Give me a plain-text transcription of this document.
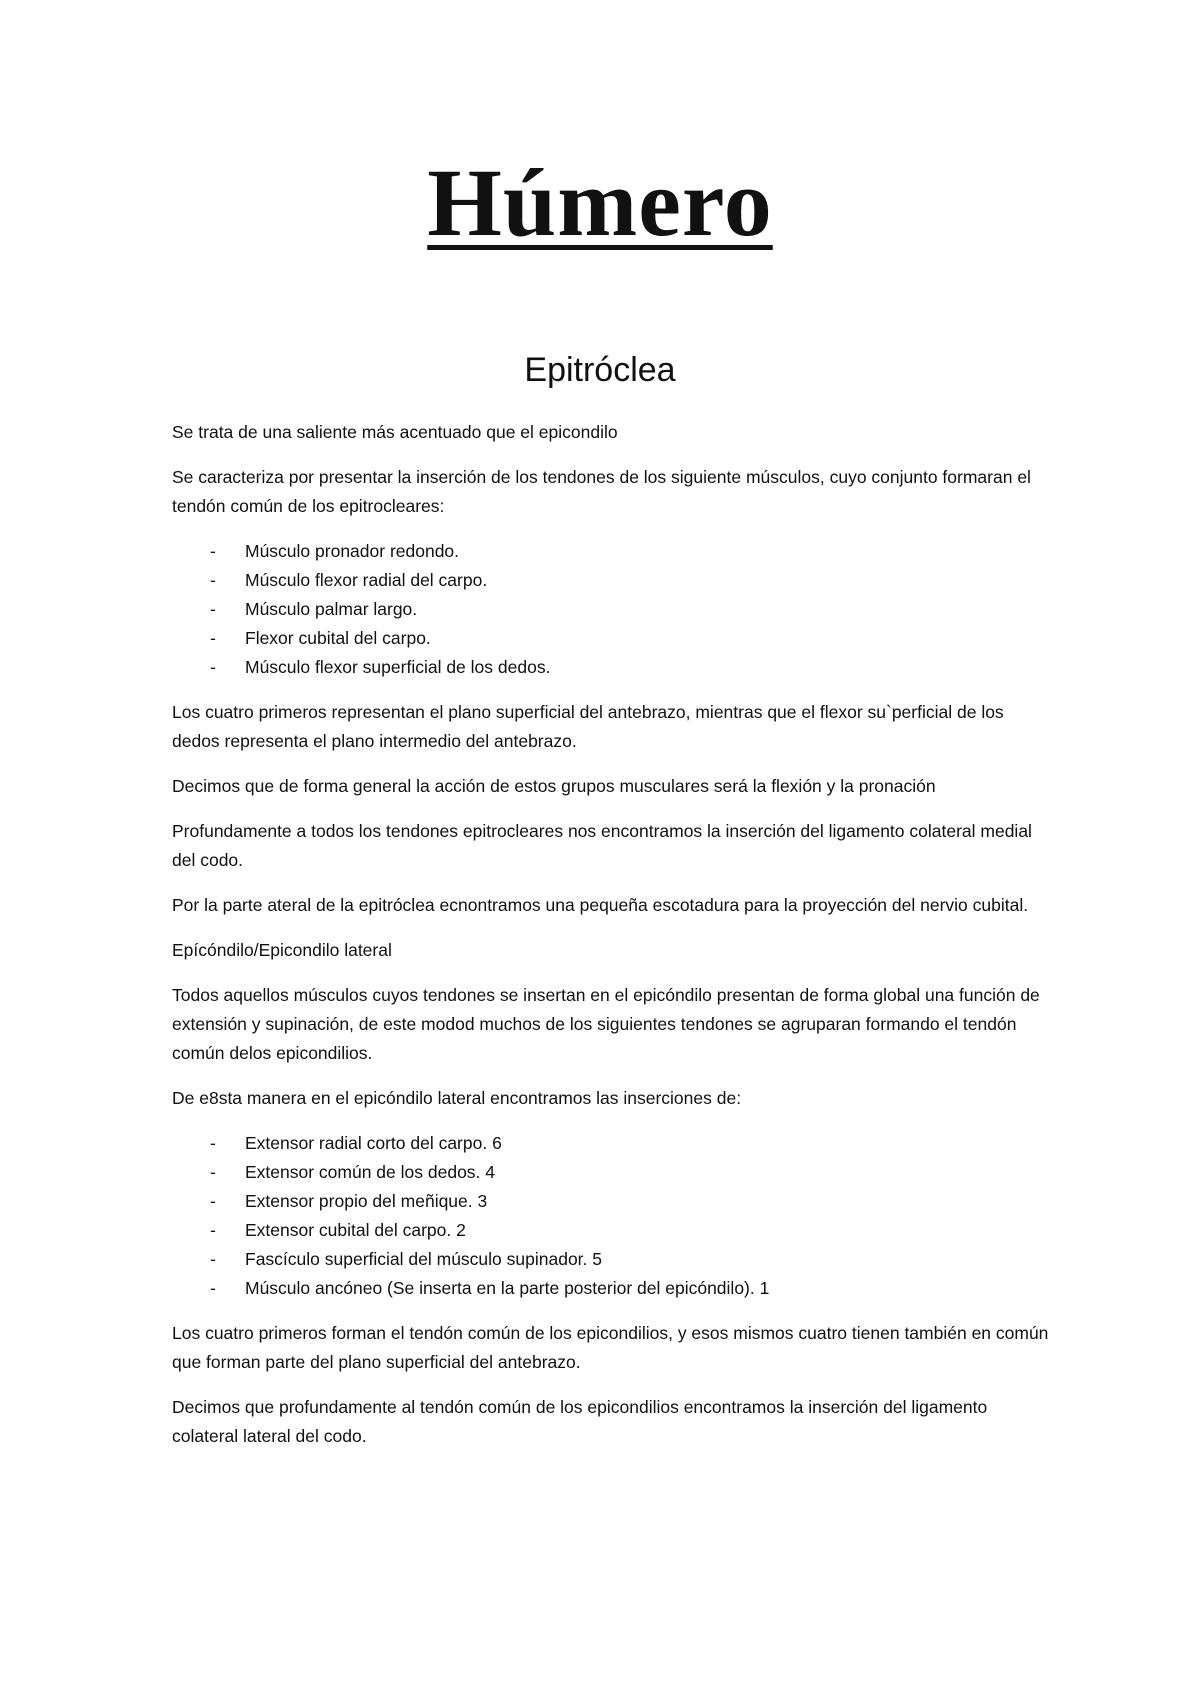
Húmero
Epitróclea

Se trata de una saliente más acentuado que el epicondilo

Se caracteriza por presentar la inserción de los tendones de los siguiente músculos, cuyo conjunto formaran el tendón común de los epitrocleares:

- Músculo pronador redondo.
- Músculo flexor radial del carpo.
- Músculo palmar largo.
- Flexor cubital del carpo.
- Músculo flexor superficial de los dedos.

Los cuatro primeros representan el plano superficial del antebrazo, mientras que el flexor su`perficial de los dedos representa el plano intermedio del antebrazo.

Decimos que de forma general la acción de estos grupos musculares será la flexión y la pronación

Profundamente a todos los tendones epitrocleares nos encontramos la inserción del ligamento colateral medial del codo.

Por la parte ateral de la epitróclea ecnontramos una pequeña escotadura para la proyección del nervio cubital.

Epícóndilo/Epicondilo lateral

Todos aquellos músculos cuyos tendones se insertan en el epicóndilo presentan de forma global una función de extensión y supinación, de este modod muchos de los siguientes tendones se agruparan formando el tendón común delos epicondilios.

De e8sta manera en el epicóndilo lateral encontramos las inserciones de:

- Extensor radial corto del carpo. 6
- Extensor común de los dedos. 4
- Extensor propio del meñique. 3
- Extensor cubital del carpo. 2
- Fascículo superficial del músculo supinador. 5
- Músculo ancóneo (Se inserta en la parte posterior del epicóndilo). 1

Los cuatro primeros forman el tendón común de los epicondilios, y esos mismos cuatro tienen también en común que forman parte del plano superficial del antebrazo.

Decimos que profundamente al tendón común de los epicondilios encontramos la inserción del ligamento colateral lateral del codo.
